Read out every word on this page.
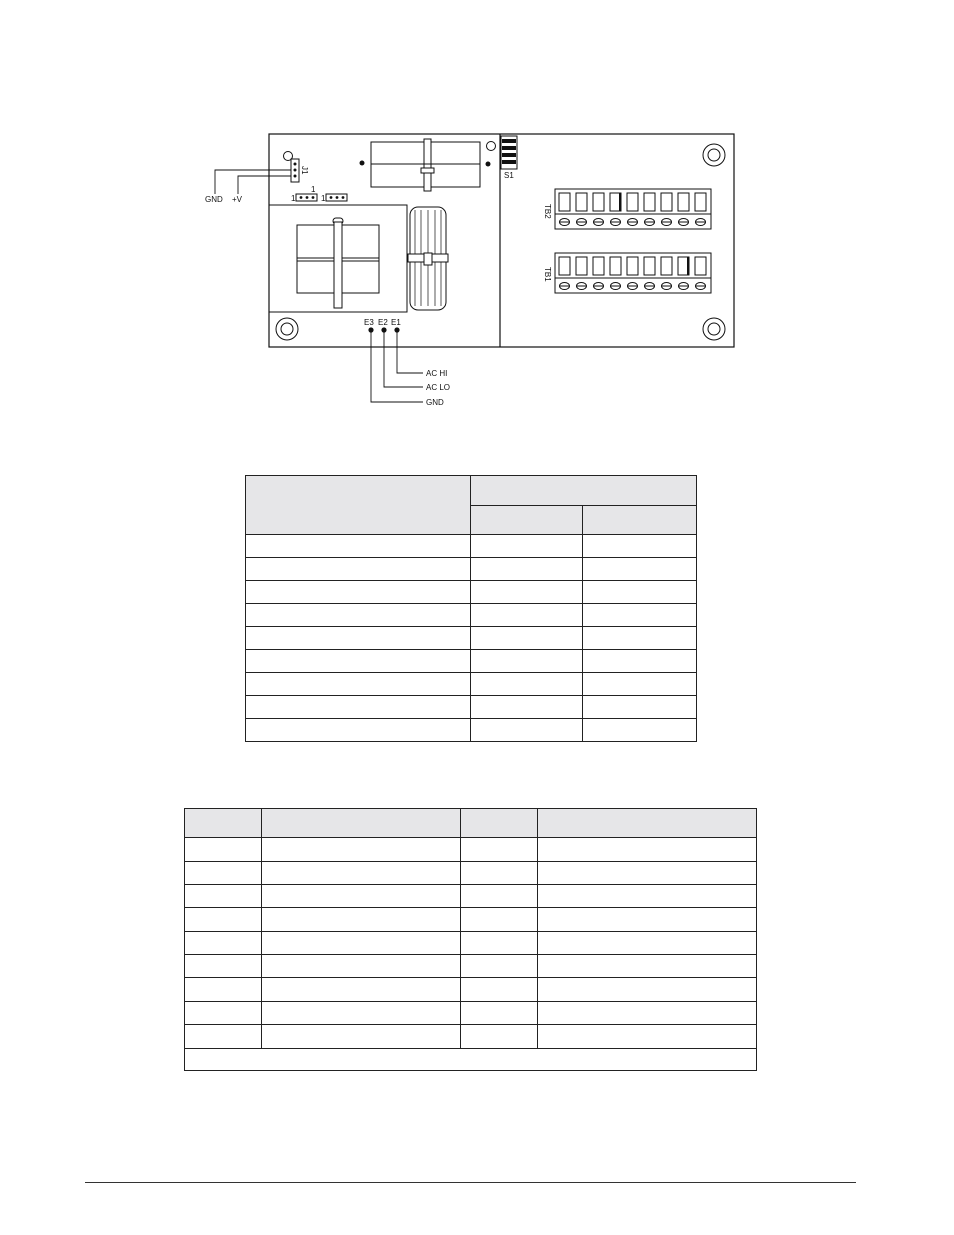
J1
GND +V
1
1	1
E3 E2 E1
AC HI
AC LO
GND
S1
TB2
TB1
